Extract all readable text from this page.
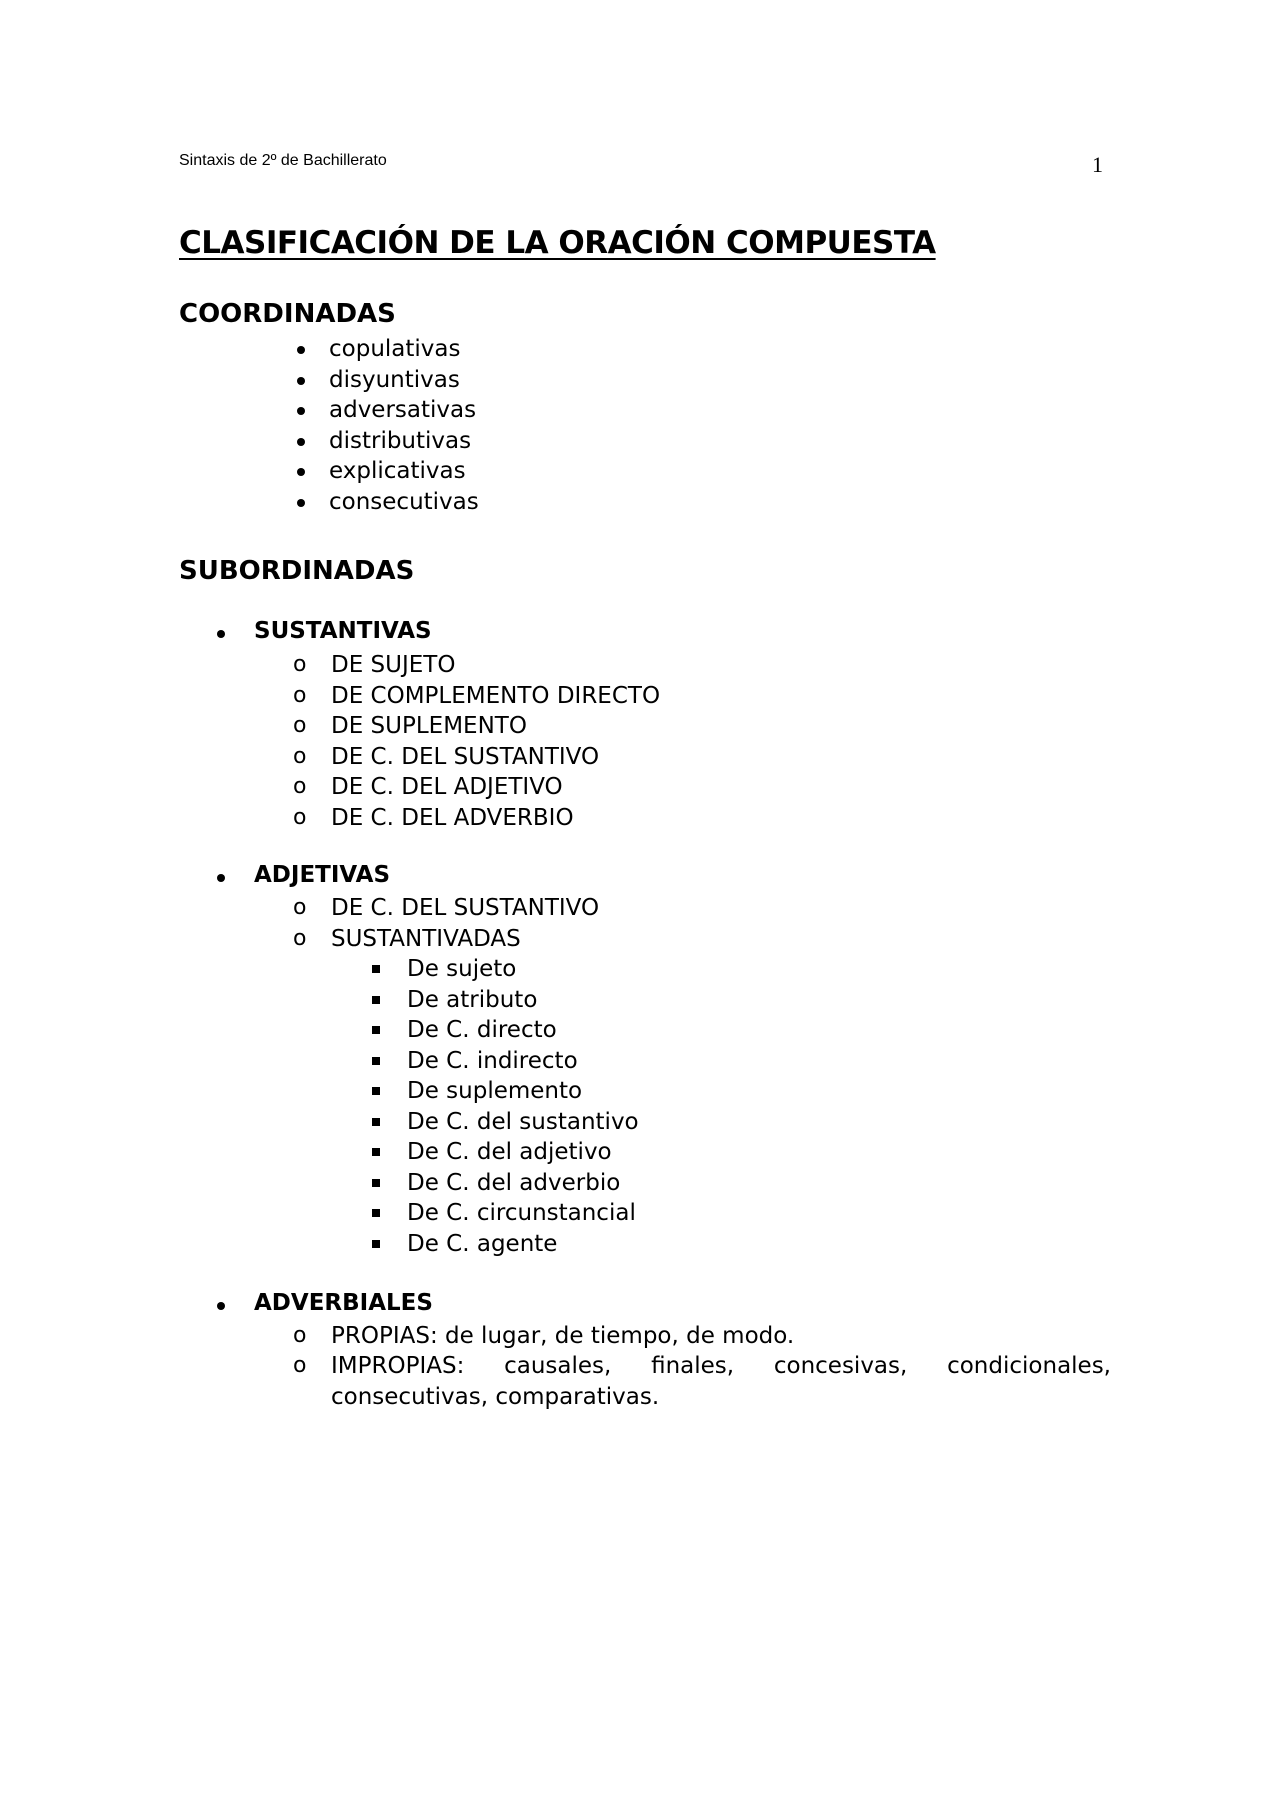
Sintaxis de 2º de Bachillerato	1
CLASIFICACIÓN DE LA ORACIÓN COMPUESTA
COORDINADAS
copulativas
disyuntivas
adversativas
distributivas
explicativas
consecutivas
SUBORDINADAS
SUSTANTIVAS
o DE SUJETO
o DE COMPLEMENTO DIRECTO
o DE SUPLEMENTO
o DE C. DEL SUSTANTIVO
o DE C. DEL ADJETIVO
o DE C. DEL ADVERBIO
ADJETIVAS
o DE C. DEL SUSTANTIVO
o SUSTANTIVADAS
De sujeto
De atributo
De C. directo
De C. indirecto
De suplemento
De C. del sustantivo
De C. del adjetivo
De C. del adverbio
De C. circunstancial
De C. agente
ADVERBIALES
o PROPIAS: de lugar, de tiempo, de modo.
o IMPROPIAS: causales, finales, concesivas, condicionales,
consecutivas, comparativas.
